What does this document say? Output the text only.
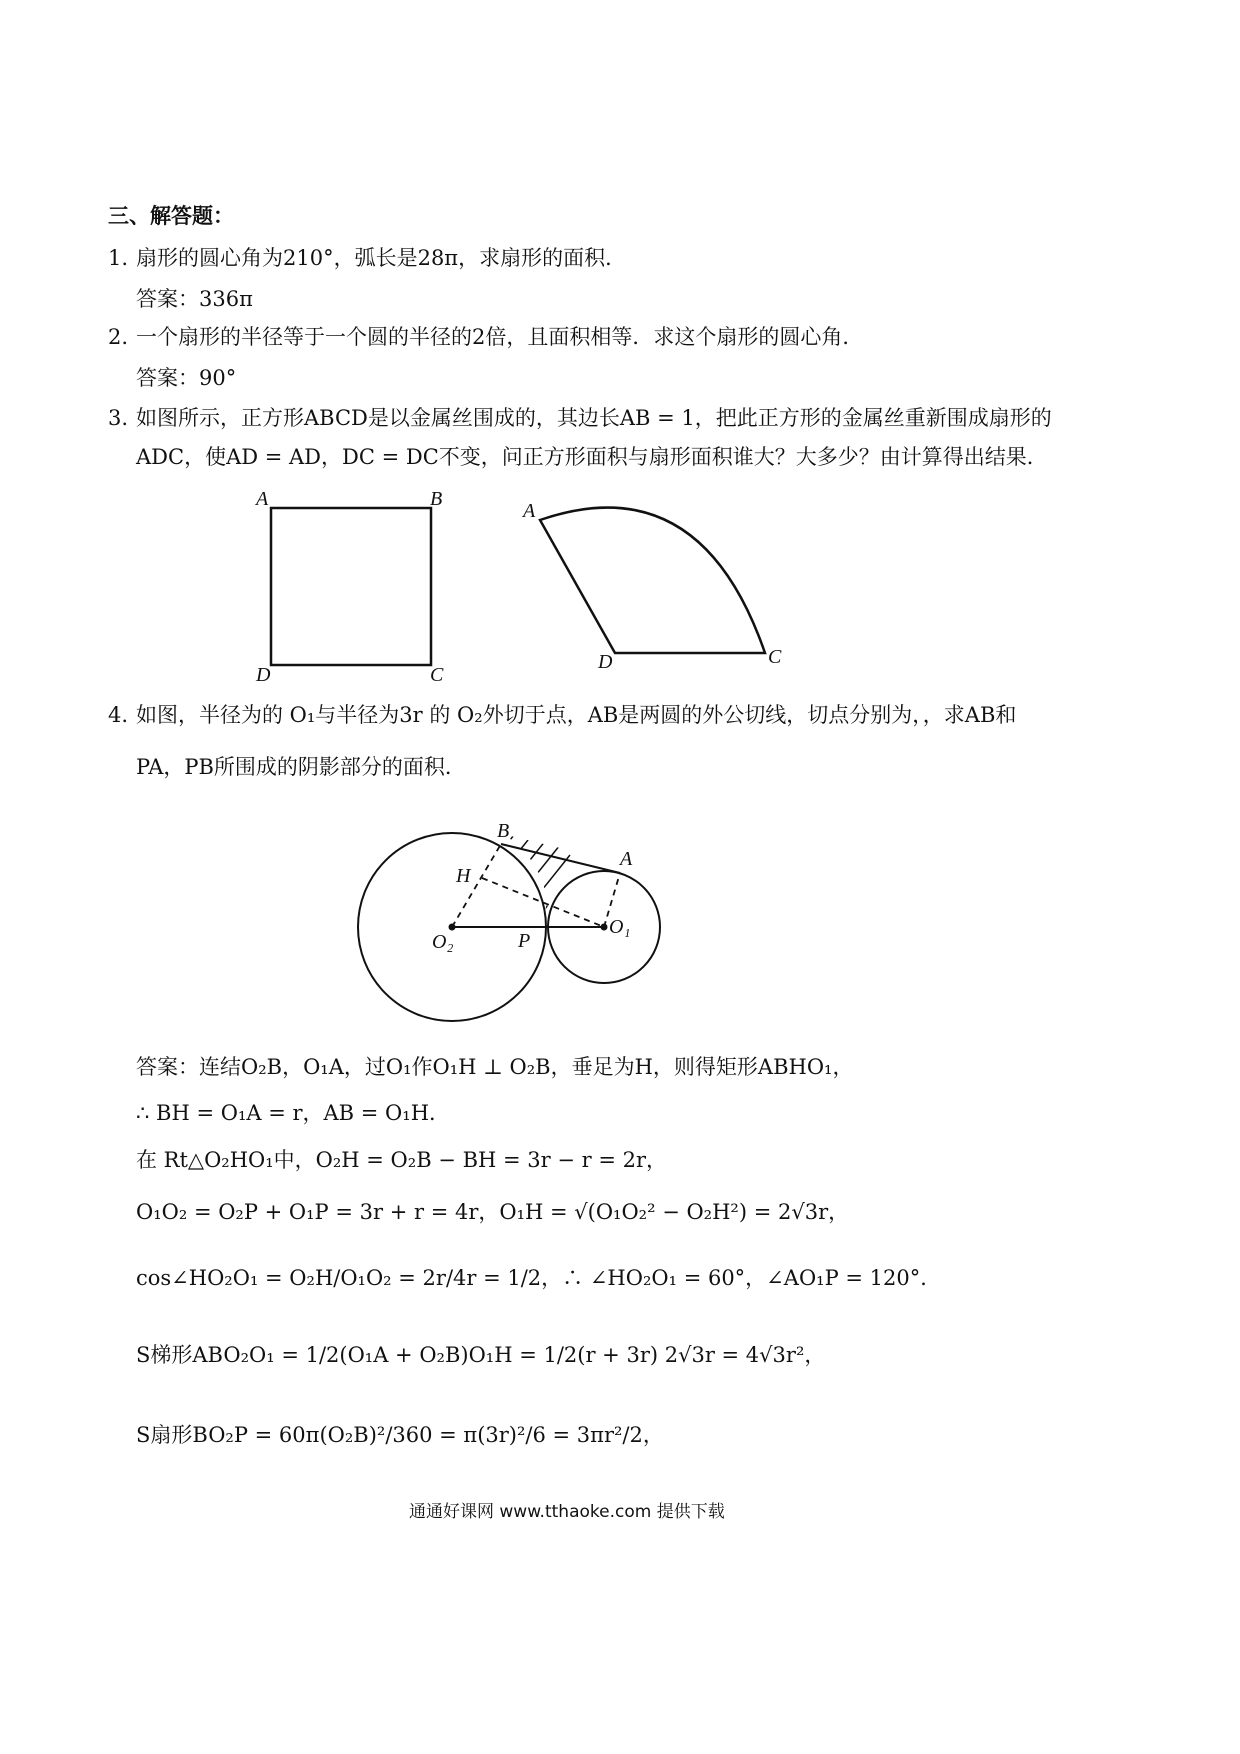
三、解答题：
1. 扇形的圆心角为210°，弧长是28π，求扇形的面积．
答案：336π
2. 一个扇形的半径等于一个圆的半径的2倍，且面积相等．求这个扇形的圆心角．
答案：90°
3. 如图所示，正方形ABCD是以金属丝围成的，其边长AB = 1，把此正方形的金属丝重新围成扇形的
ADC，使AD = AD，DC = DC不变，问正方形面积与扇形面积谁大？大多少？由计算得出结果．
A	B
C
D
A
C
D
4. 如图，半径为的 O₁与半径为3r 的 O₂外切于点，AB是两圆的外公切线，切点分别为，，求AB和
PA，PB所围成的阴影部分的面积．
B
A
H
O₂	P
O₁
答案：连结O₂B，O₁A，过O₁作O₁H ⊥ O₂B，垂足为H，则得矩形ABHO₁，
∴ BH = O₁A = r，AB = O₁H．
在 Rt△O₂HO₁中，O₂H = O₂B − BH = 3r − r = 2r，
O₁O₂ = O₂P + O₁P = 3r + r = 4r，O₁H = √(O₁O₂² − O₂H²) = 2√3r，
cos∠HO₂O₁ = O₂H/O₁O₂ = 2r/4r = 1/2，∴ ∠HO₂O₁ = 60°，∠AO₁P = 120°．
S梯形ABO₂O₁ = 1/2(O₁A + O₂B)O₁H = 1/2(r + 3r) 2√3r = 4√3r²，
S扇形BO₂P = 60π(O₂B)²/360 = π(3r)²/6 = 3πr²/2，
通通好课网 www.tthaoke.com 提供下载
